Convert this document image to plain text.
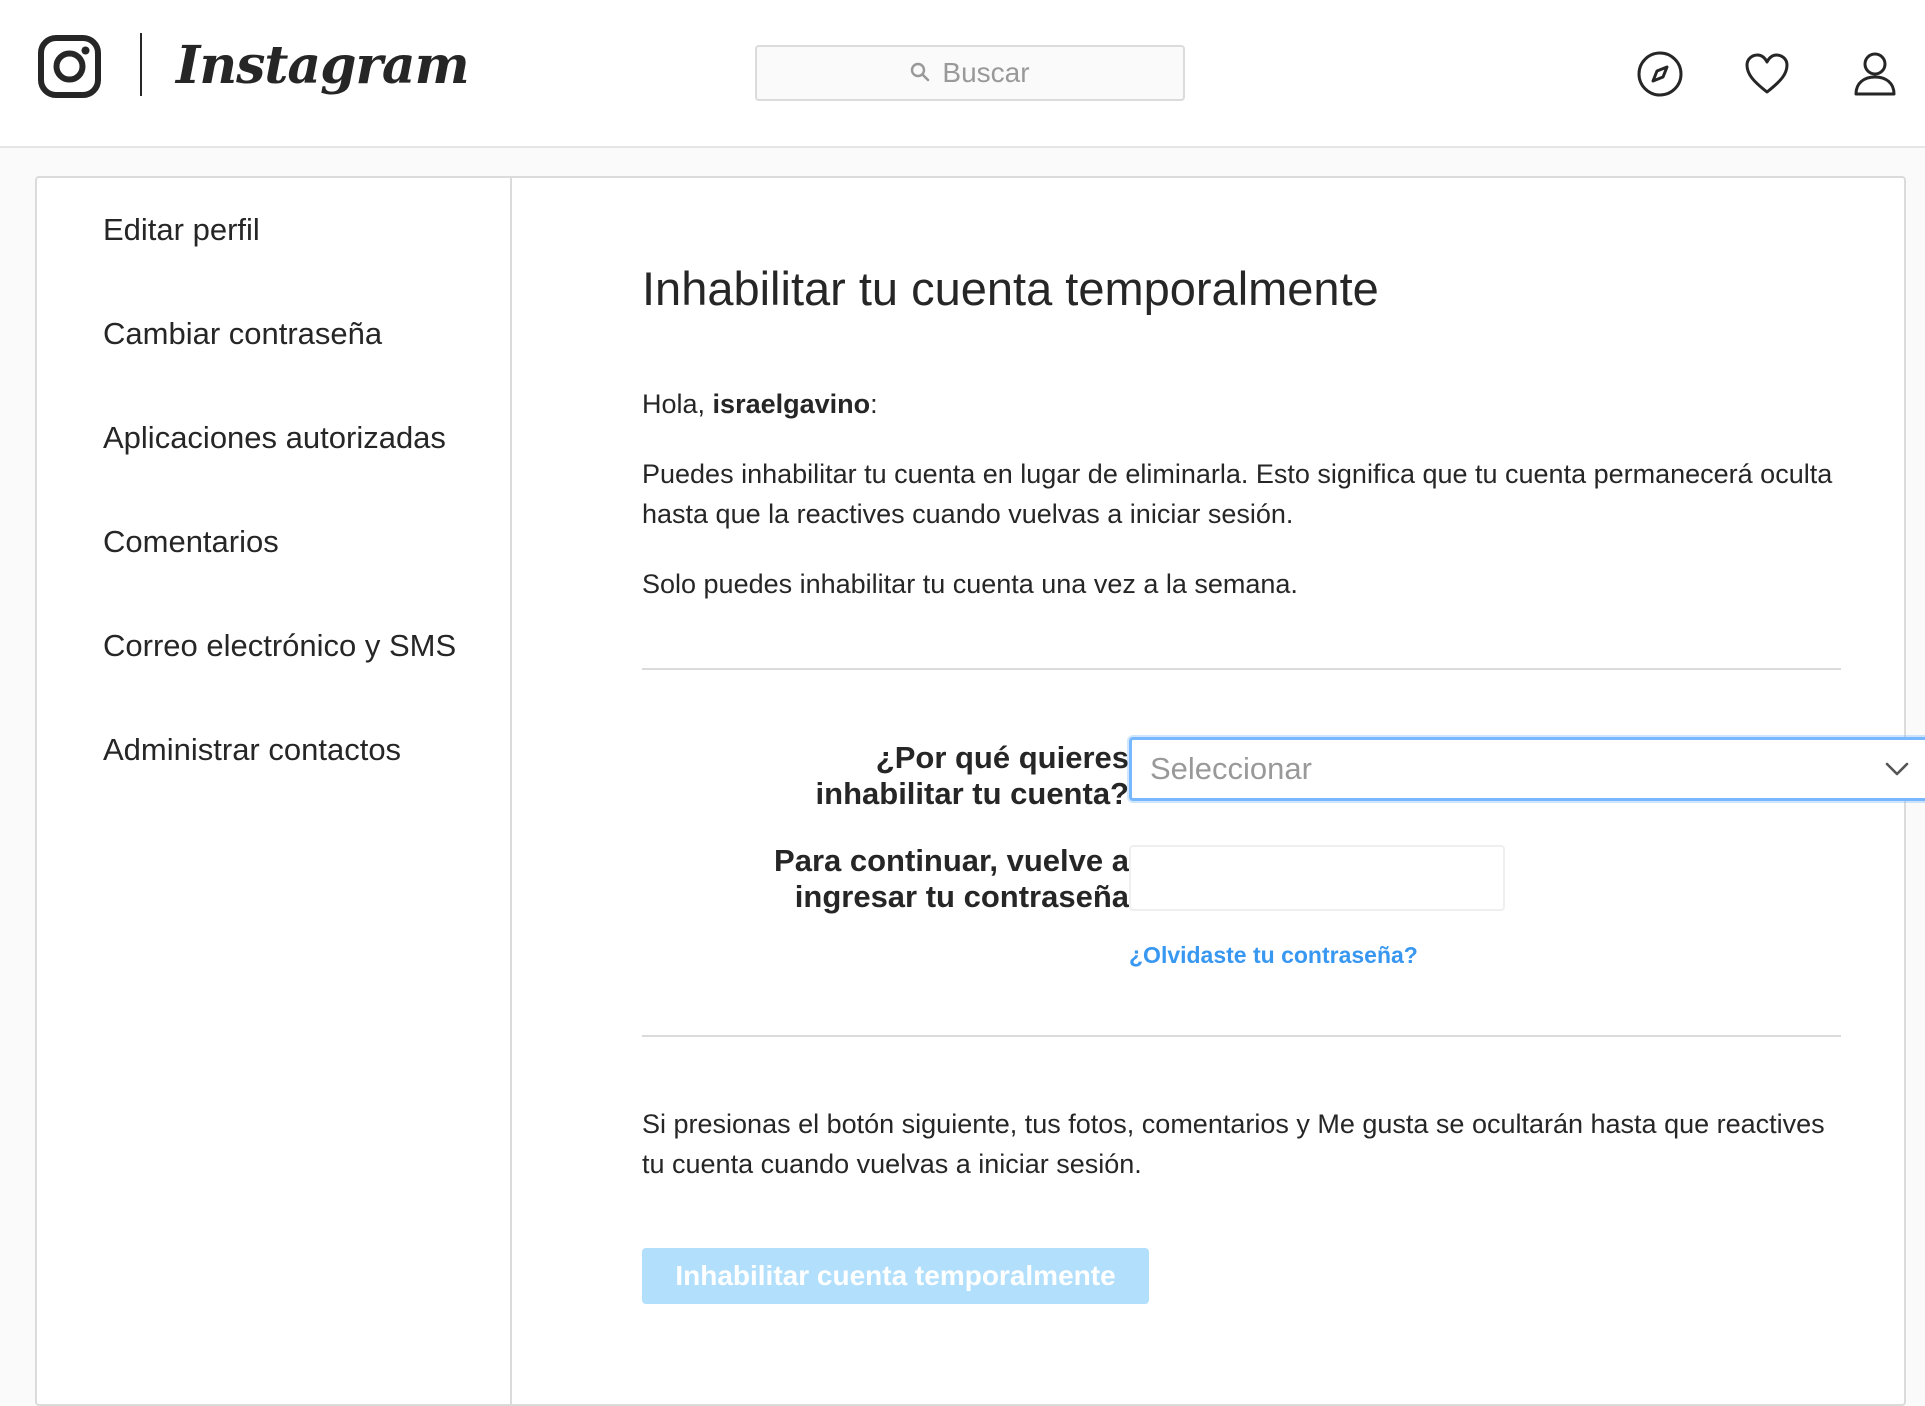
Instagram	Buscar
Editar perfil
Cambiar contraseña
Aplicaciones autorizadas
Comentarios
Correo electrónico y SMS
Administrar contactos
Inhabilitar tu cuenta temporalmente

Hola, israelgavino:

Puedes inhabilitar tu cuenta en lugar de eliminarla. Esto significa que tu cuenta permanecerá oculta hasta que la reactives cuando vuelvas a iniciar sesión.

Solo puedes inhabilitar tu cuenta una vez a la semana.

¿Por qué quieres
inhabilitar tu cuenta?
Seleccionar
Para continuar, vuelve a
ingresar tu contraseña
¿Olvidaste tu contraseña?

Si presionas el botón siguiente, tus fotos, comentarios y Me gusta se ocultarán hasta que reactives tu cuenta cuando vuelvas a iniciar sesión.

Inhabilitar cuenta temporalmente
